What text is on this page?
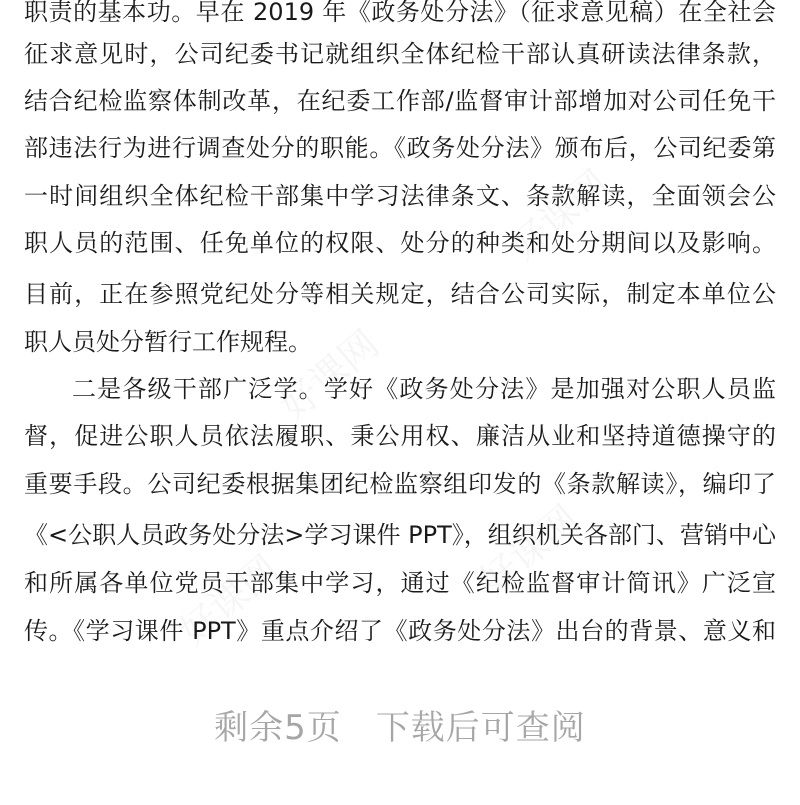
好课网
好课网
好课网
好课网
职责的基本功。早在 2019 年《政务处分法》（征求意见稿）在全社会
征求意见时，公司纪委书记就组织全体纪检干部认真研读法律条款，
结合纪检监察体制改革，在纪委工作部/监督审计部增加对公司任免干
部违法行为进行调查处分的职能。《政务处分法》颁布后，公司纪委第
一时间组织全体纪检干部集中学习法律条文、条款解读，全面领会公
职人员的范围、任免单位的权限、处分的种类和处分期间以及影响。
目前，正在参照党纪处分等相关规定，结合公司实际，制定本单位公
职人员处分暂行工作规程。
二是各级干部广泛学。学好《政务处分法》是加强对公职人员监
督，促进公职人员依法履职、秉公用权、廉洁从业和坚持道德操守的
重要手段。公司纪委根据集团纪检监察组印发的《条款解读》，编印了
《<公职人员政务处分法>学习课件 PPT》，组织机关各部门、营销中心
和所属各单位党员干部集中学习，通过《纪检监督审计简讯》广泛宣
传。《学习课件 PPT》重点介绍了《政务处分法》出台的背景、意义和
剩余5页 下载后可查阅
